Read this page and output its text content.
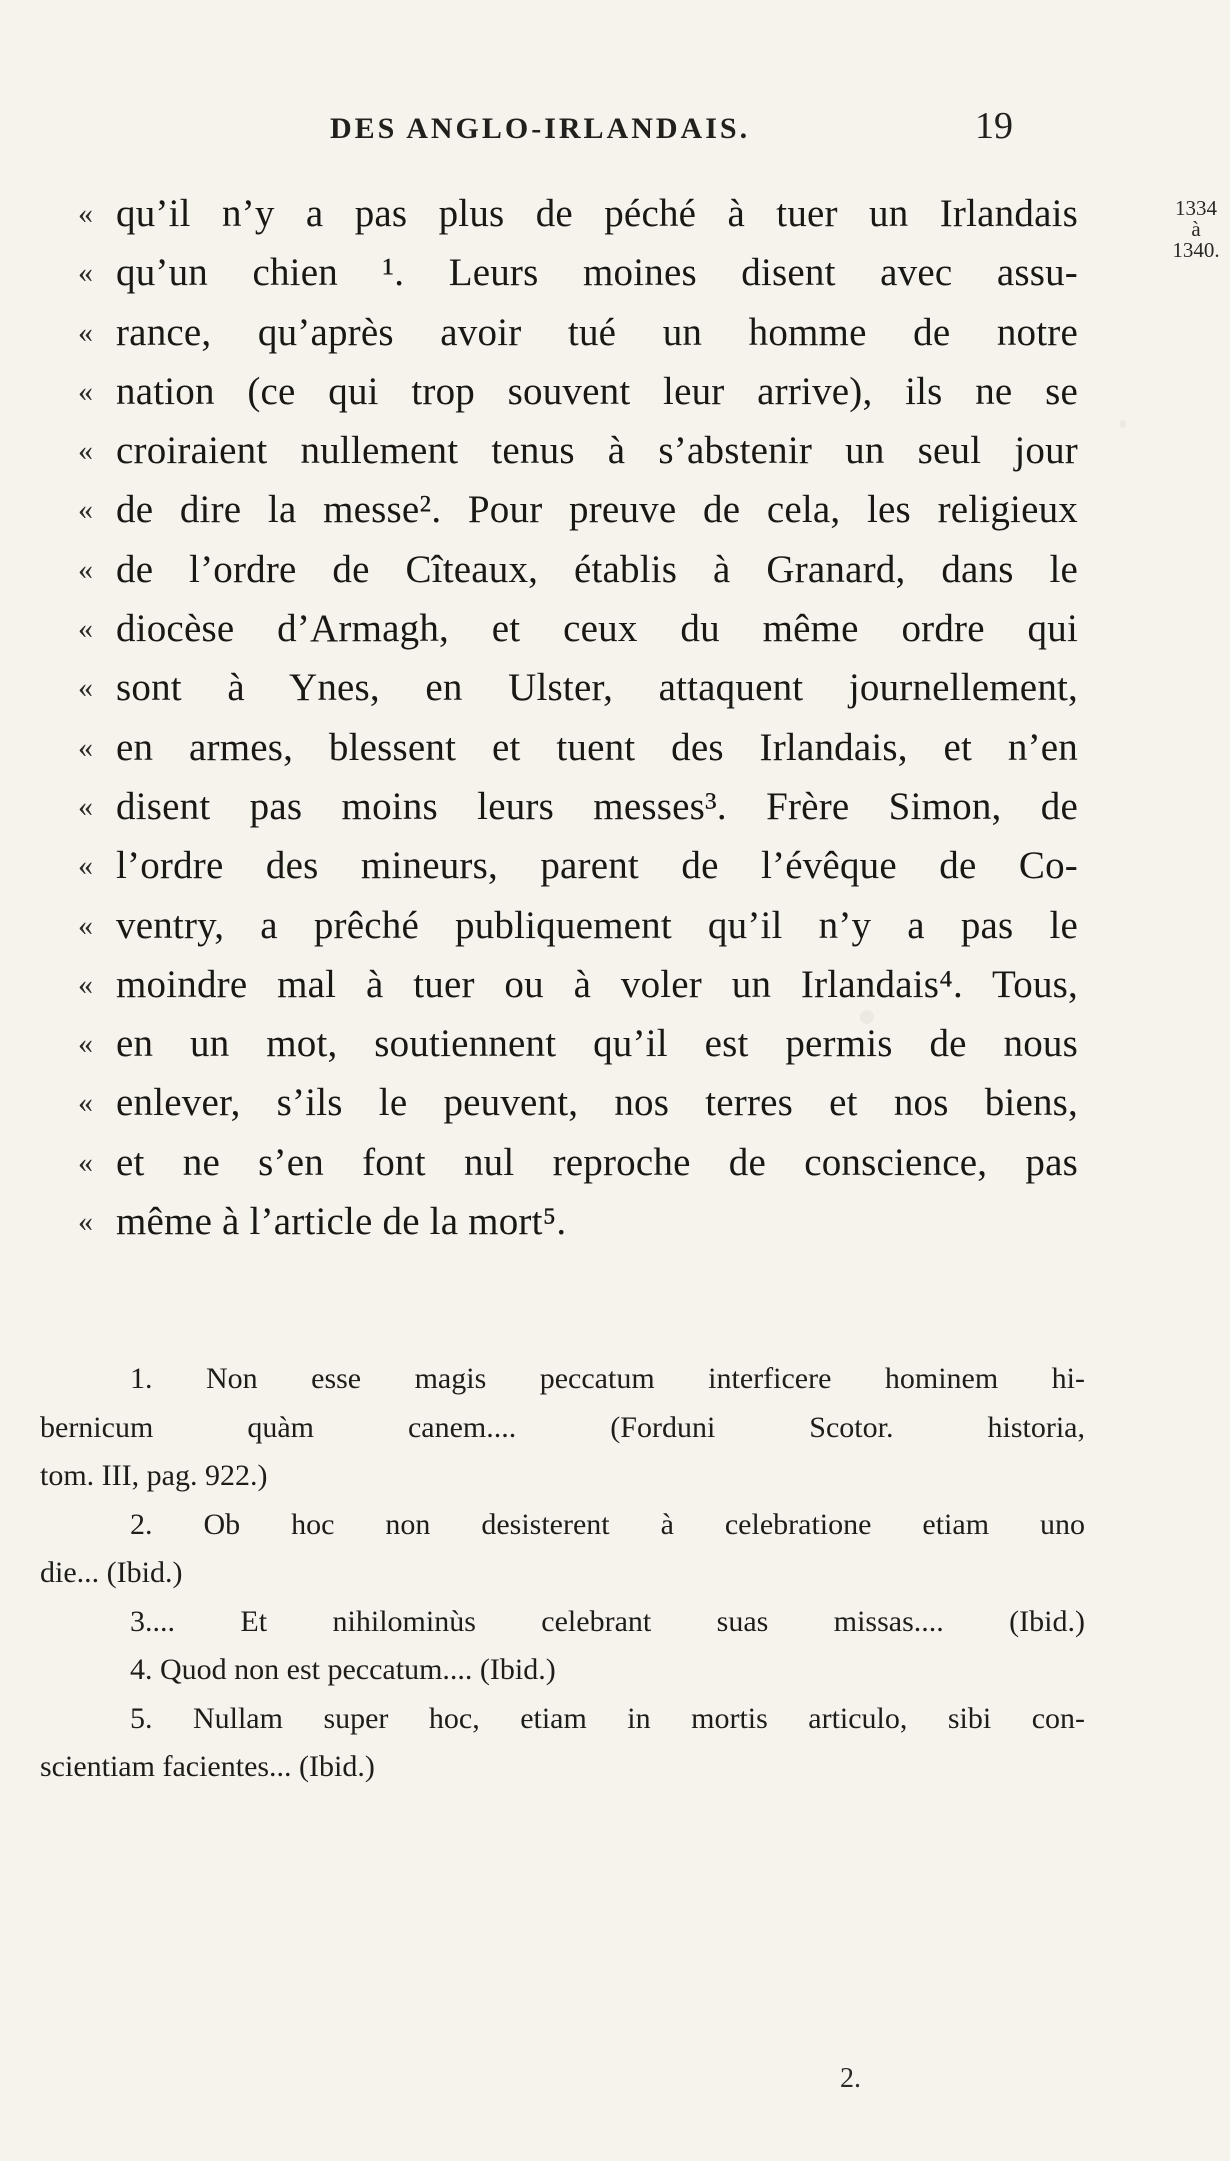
DES ANGLO-IRLANDAIS.	19
1334
à
1340.
« qu’il n’y a pas plus de péché à tuer un Irlandais
« qu’un chien ¹. Leurs moines disent avec assu-
« rance, qu’après avoir tué un homme de notre
« nation (ce qui trop souvent leur arrive), ils ne se
« croiraient nullement tenus à s’abstenir un seul jour
« de dire la messe². Pour preuve de cela, les religieux
« de l’ordre de Cîteaux, établis à Granard, dans le
« diocèse d’Armagh, et ceux du même ordre qui
« sont à Ynes, en Ulster, attaquent journellement,
« en armes, blessent et tuent des Irlandais, et n’en
« disent pas moins leurs messes³. Frère Simon, de
« l’ordre des mineurs, parent de l’évêque de Co-
« ventry, a prêché publiquement qu’il n’y a pas le
« moindre mal à tuer ou à voler un Irlandais⁴. Tous,
« en un mot, soutiennent qu’il est permis de nous
« enlever, s’ils le peuvent, nos terres et nos biens,
« et ne s’en font nul reproche de conscience, pas
« même à l’article de la mort⁵.
1. Non esse magis peccatum interficere hominem hi-
bernicum quàm canem.... (Forduni Scotor. historia,
tom. III, pag. 922.)
2. Ob hoc non desisterent à celebratione etiam uno
die... (Ibid.)
3.... Et nihilominùs celebrant suas missas.... (Ibid.)
4. Quod non est peccatum.... (Ibid.)
5. Nullam super hoc, etiam in mortis articulo, sibi con-
scientiam facientes... (Ibid.)
2.
